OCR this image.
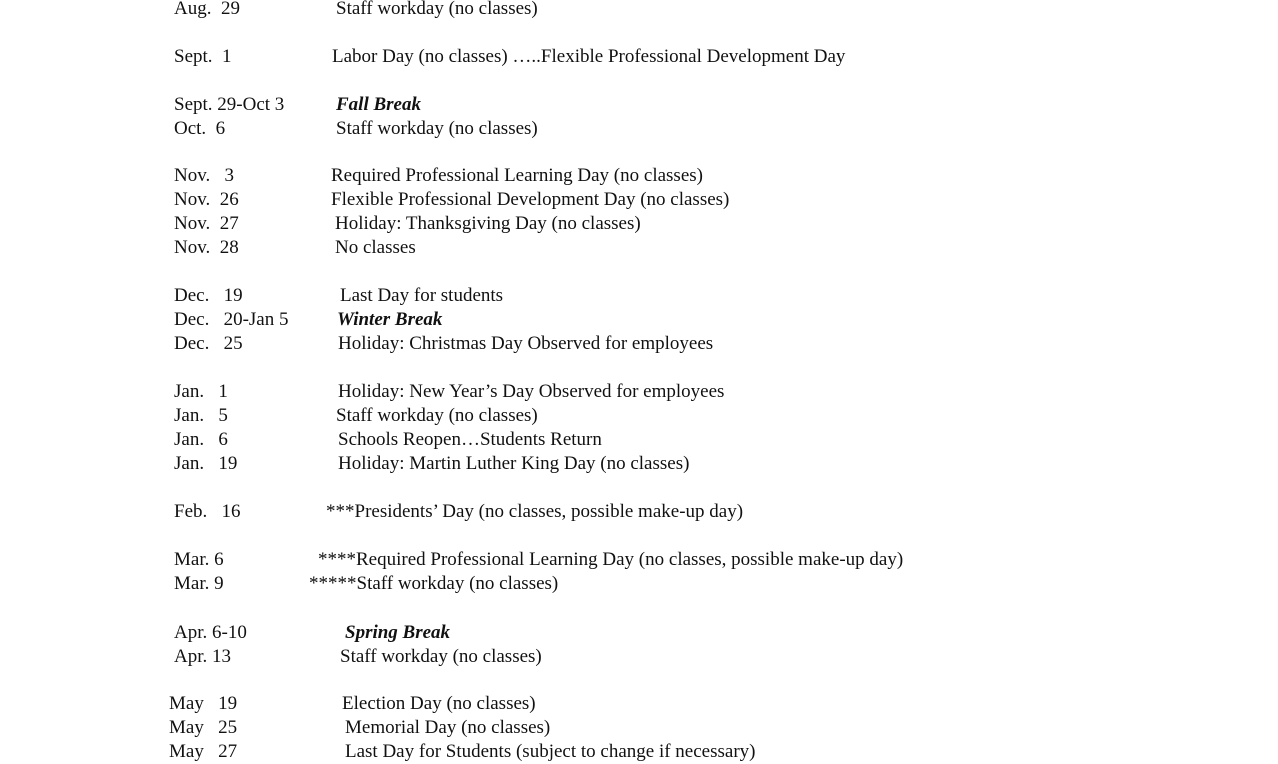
Aug.  29	Staff workday (no classes)
Sept.  1	Labor Day (no classes) …..Flexible Professional Development Day
Sept. 29-Oct 3	Fall Break
Oct.  6	Staff workday (no classes)
Nov.   3	Required Professional Learning Day (no classes)
Nov.  26	Flexible Professional Development Day (no classes)
Nov.  27	Holiday: Thanksgiving Day (no classes)
Nov.  28	No classes
Dec.   19	Last Day for students
Dec.   20-Jan 5	Winter Break
Dec.   25	Holiday: Christmas Day Observed for employees
Jan.   1	Holiday: New Year’s Day Observed for employees
Jan.   5	Staff workday (no classes)
Jan.   6	Schools Reopen…Students Return
Jan.   19	Holiday: Martin Luther King Day (no classes)
Feb.   16	***Presidents’ Day (no classes, possible make-up day)
Mar. 6	****Required Professional Learning Day (no classes, possible make-up day)
Mar. 9	*****Staff workday (no classes)
Apr. 6-10	Spring Break
Apr. 13	Staff workday (no classes)
May   19	Election Day (no classes)
May   25	Memorial Day (no classes)
May   27	Last Day for Students (subject to change if necessary)
